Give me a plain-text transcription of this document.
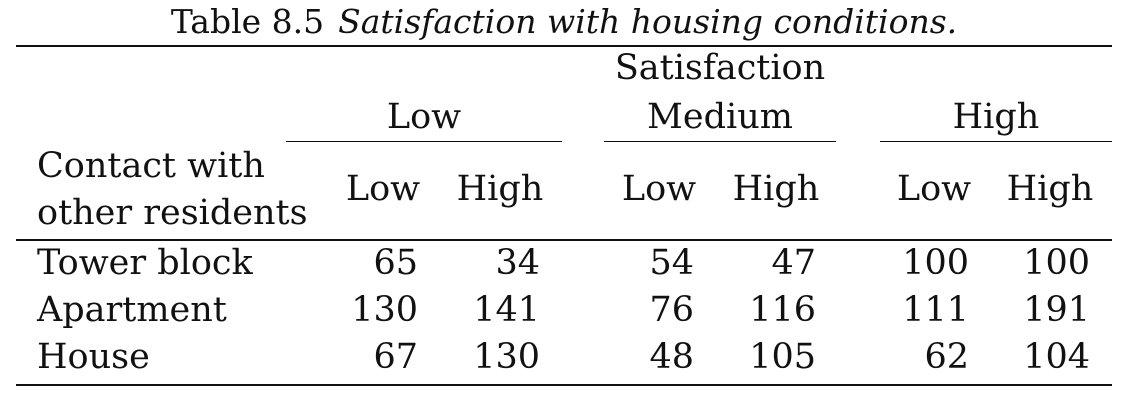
Table 8.5 Satisfaction with housing conditions.
Satisfaction
Low	Medium	High
Contact with
other residents
Low High Low High Low High
Tower block	65	34	54	47	100	100
Apartment	130	141	76	116	111	191
House	67	130	48	105	62	104
